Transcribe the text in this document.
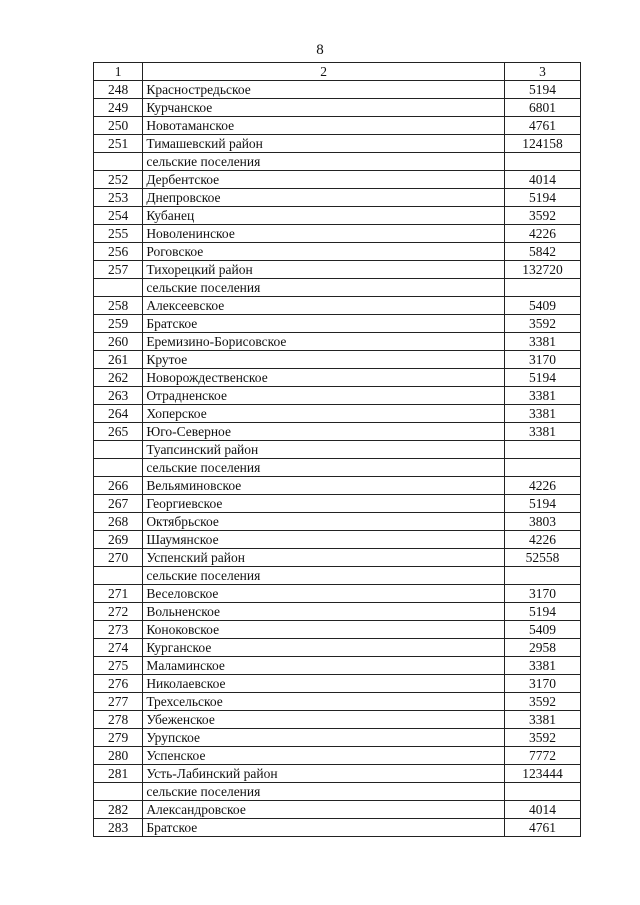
8
1	2	3
248	Красностредьское	5194
249	Курчанское	6801
250	Новотаманское	4761
251	Тимашевский район	124158
	сельские поселения	
252	Дербентское	4014
253	Днепровское	5194
254	Кубанец	3592
255	Новоленинское	4226
256	Роговское	5842
257	Тихорецкий район	132720
	сельские поселения	
258	Алексеевское	5409
259	Братское	3592
260	Еремизино-Борисовское	3381
261	Крутое	3170
262	Новорождественское	5194
263	Отрадненское	3381
264	Хоперское	3381
265	Юго-Северное	3381
	Туапсинский район	
	сельские поселения	
266	Вельяминовское	4226
267	Георгиевское	5194
268	Октябрьское	3803
269	Шаумянское	4226
270	Успенский район	52558
	сельские поселения	
271	Веселовское	3170
272	Вольненское	5194
273	Коноковское	5409
274	Курганское	2958
275	Маламинское	3381
276	Николаевское	3170
277	Трехсельское	3592
278	Убеженское	3381
279	Урупское	3592
280	Успенское	7772
281	Усть-Лабинский район	123444
	сельские поселения	
282	Александровское	4014
283	Братское	4761
